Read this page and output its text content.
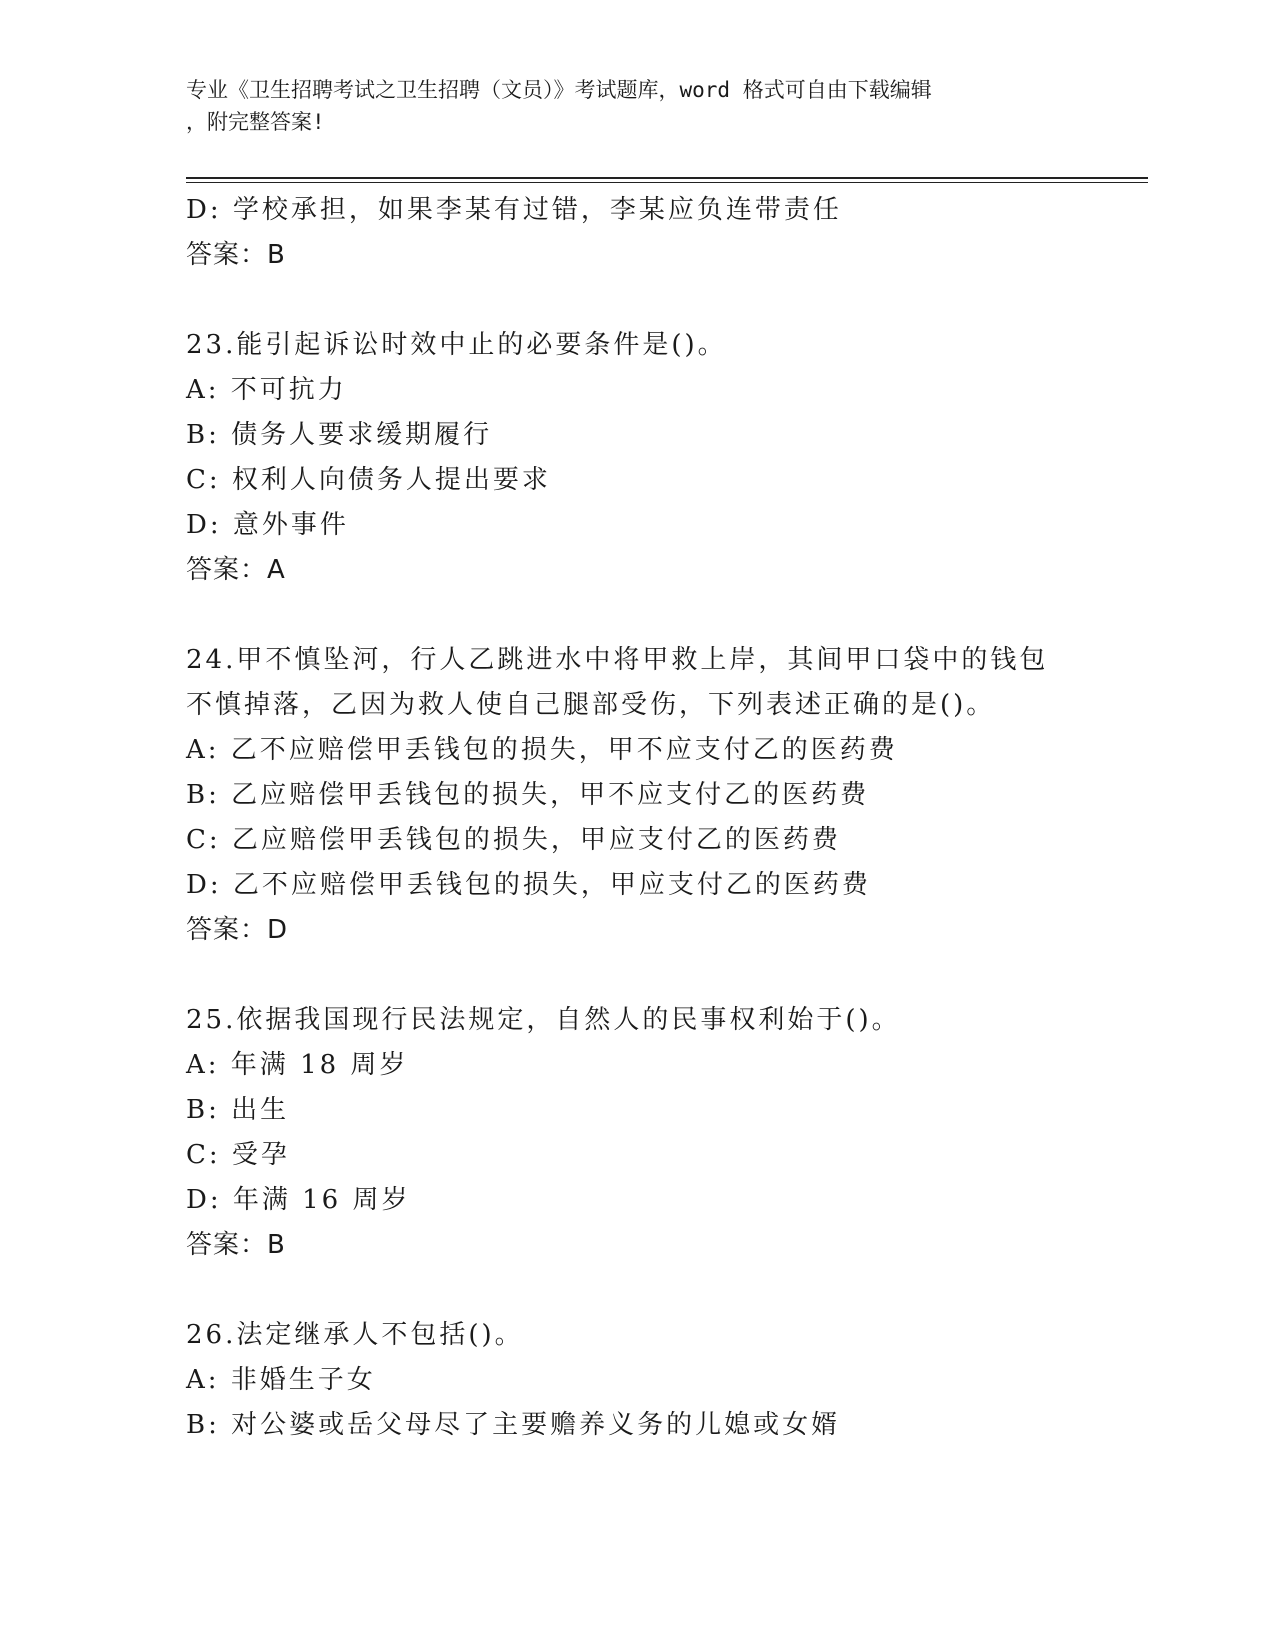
专业《卫生招聘考试之卫生招聘（文员）》考试题库，word 格式可自由下载编辑
，附完整答案!
D: 学校承担，如果李某有过错，李某应负连带责任
答案：B
23.能引起诉讼时效中止的必要条件是()。
A: 不可抗力
B: 债务人要求缓期履行
C: 权利人向债务人提出要求
D: 意外事件
答案：A
24.甲不慎坠河，行人乙跳进水中将甲救上岸，其间甲口袋中的钱包不慎掉落，乙因为救人使自己腿部受伤，下列表述正确的是()。
A: 乙不应赔偿甲丢钱包的损失，甲不应支付乙的医药费
B: 乙应赔偿甲丢钱包的损失，甲不应支付乙的医药费
C: 乙应赔偿甲丢钱包的损失，甲应支付乙的医药费
D: 乙不应赔偿甲丢钱包的损失，甲应支付乙的医药费
答案：D
25.依据我国现行民法规定，自然人的民事权利始于()。
A: 年满 18 周岁
B: 出生
C: 受孕
D: 年满 16 周岁
答案：B
26.法定继承人不包括()。
A: 非婚生子女
B: 对公婆或岳父母尽了主要赡养义务的儿媳或女婿
